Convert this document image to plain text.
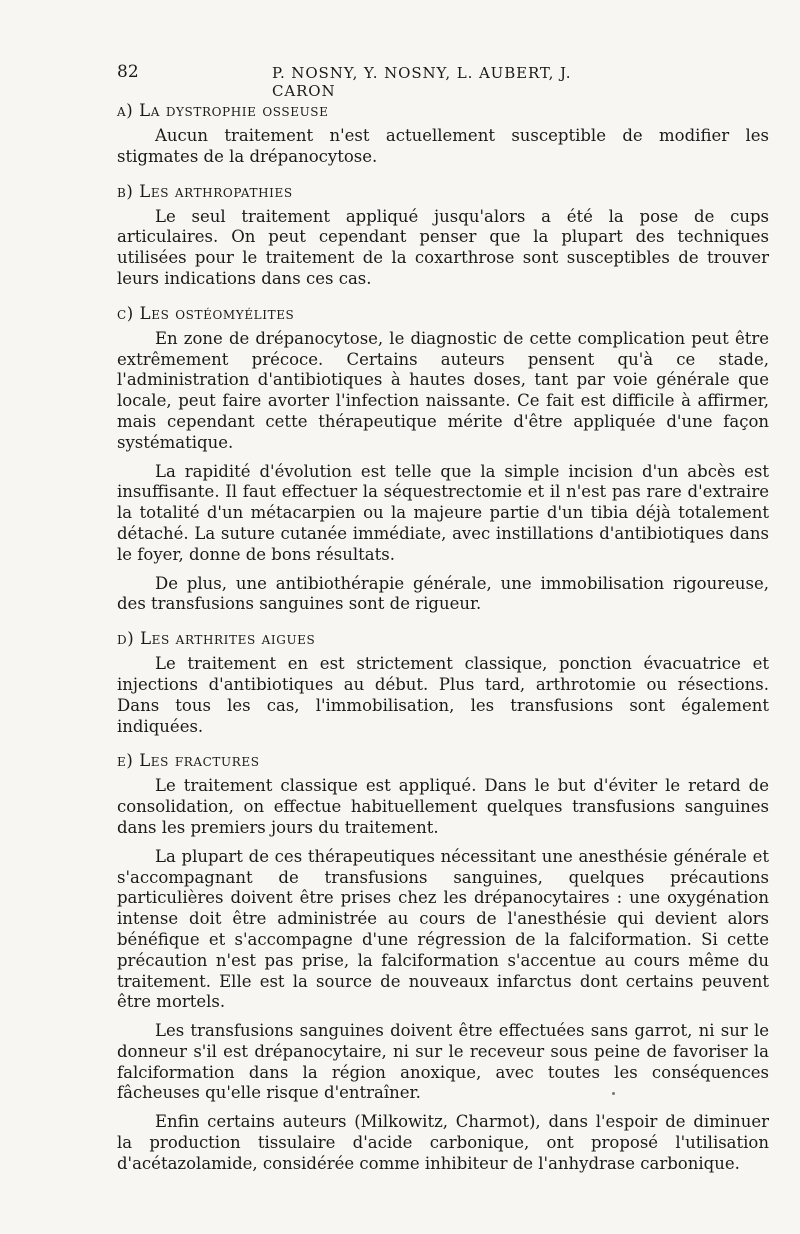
82	P. NOSNY, Y. NOSNY, L. AUBERT, J. CARON
a) La dystrophie osseuse

Aucun traitement n'est actuellement susceptible de modifier les stigmates de la drépanocytose.

b) Les arthropathies

Le seul traitement appliqué jusqu'alors a été la pose de cups articulaires. On peut cependant penser que la plupart des techniques utilisées pour le traitement de la coxarthrose sont susceptibles de trouver leurs indications dans ces cas.

c) Les ostéomyélites

En zone de drépanocytose, le diagnostic de cette complication peut être extrêmement précoce. Certains auteurs pensent qu'à ce stade, l'administration d'antibiotiques à hautes doses, tant par voie générale que locale, peut faire avorter l'infection naissante. Ce fait est difficile à affirmer, mais cependant cette thérapeutique mérite d'être appliquée d'une façon systématique.

La rapidité d'évolution est telle que la simple incision d'un abcès est insuffisante. Il faut effectuer la séquestrectomie et il n'est pas rare d'extraire la totalité d'un métacarpien ou la majeure partie d'un tibia déjà totalement détaché. La suture cutanée immédiate, avec instillations d'antibiotiques dans le foyer, donne de bons résultats.

De plus, une antibiothérapie générale, une immobilisation rigoureuse, des transfusions sanguines sont de rigueur.

d) Les arthrites aigues

Le traitement en est strictement classique, ponction évacuatrice et injections d'antibiotiques au début. Plus tard, arthrotomie ou résections. Dans tous les cas, l'immobilisation, les transfusions sont également indiquées.

e) Les fractures

Le traitement classique est appliqué. Dans le but d'éviter le retard de consolidation, on effectue habituellement quelques transfusions sanguines dans les premiers jours du traitement.

La plupart de ces thérapeutiques nécessitant une anesthésie générale et s'accompagnant de transfusions sanguines, quelques précautions particulières doivent être prises chez les drépanocytaires : une oxygénation intense doit être administrée au cours de l'anesthésie qui devient alors bénéfique et s'accompagne d'une régression de la falciformation. Si cette précaution n'est pas prise, la falciformation s'accentue au cours même du traitement. Elle est la source de nouveaux infarctus dont certains peuvent être mortels.

Les transfusions sanguines doivent être effectuées sans garrot, ni sur le donneur s'il est drépanocytaire, ni sur le receveur sous peine de favoriser la falciformation dans la région anoxique, avec toutes les conséquences fâcheuses qu'elle risque d'entraîner.

Enfin certains auteurs (Milkowitz, Charmot), dans l'espoir de diminuer la production tissulaire d'acide carbonique, ont proposé l'utilisation d'acétazolamide, considérée comme inhibiteur de l'anhydrase carbonique.
